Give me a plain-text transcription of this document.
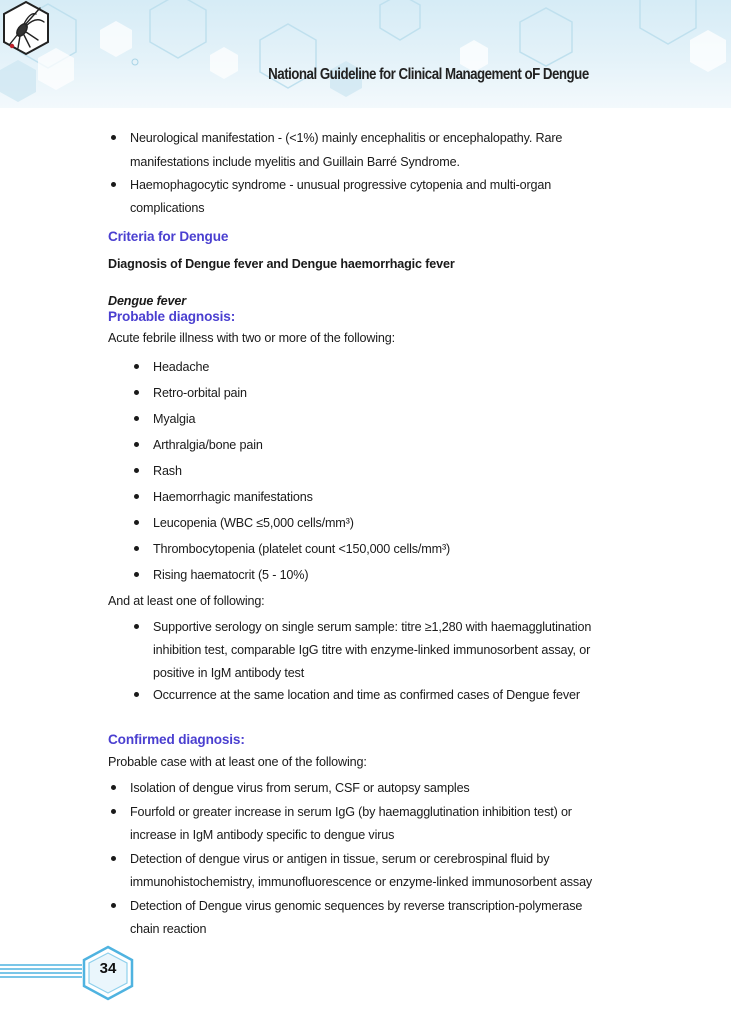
National Guideline for Clinical Management oF Dengue
Neurological manifestation - (<1%) mainly encephalitis or encephalopathy. Rare
manifestations include myelitis and Guillain Barré Syndrome.
Haemophagocytic syndrome - unusual progressive cytopenia and multi-organ
complications
Criteria for Dengue
Diagnosis of Dengue fever and Dengue haemorrhagic fever
Dengue fever
Probable diagnosis:
Acute febrile illness with two or more of the following:
Headache
Retro-orbital pain
Myalgia
Arthralgia/bone pain
Rash
Haemorrhagic manifestations
Leucopenia (WBC ≤5,000 cells/mm³)
Thrombocytopenia (platelet count <150,000 cells/mm³)
Rising haematocrit (5 - 10%)
And at least one of following:
Supportive serology on single serum sample: titre ≥1,280 with haemagglutination
inhibition test, comparable IgG titre with enzyme-linked immunosorbent assay, or
positive in IgM antibody test
Occurrence at the same location and time as confirmed cases of Dengue fever
Confirmed diagnosis:
Probable case with at least one of the following:
Isolation of dengue virus from serum, CSF or autopsy samples
Fourfold or greater increase in serum IgG (by haemagglutination inhibition test) or
increase in IgM antibody specific to dengue virus
Detection of dengue virus or antigen in tissue, serum or cerebrospinal fluid by
immunohistochemistry, immunofluorescence or enzyme-linked immunosorbent assay
Detection of Dengue virus genomic sequences by reverse transcription-polymerase
chain reaction
34
